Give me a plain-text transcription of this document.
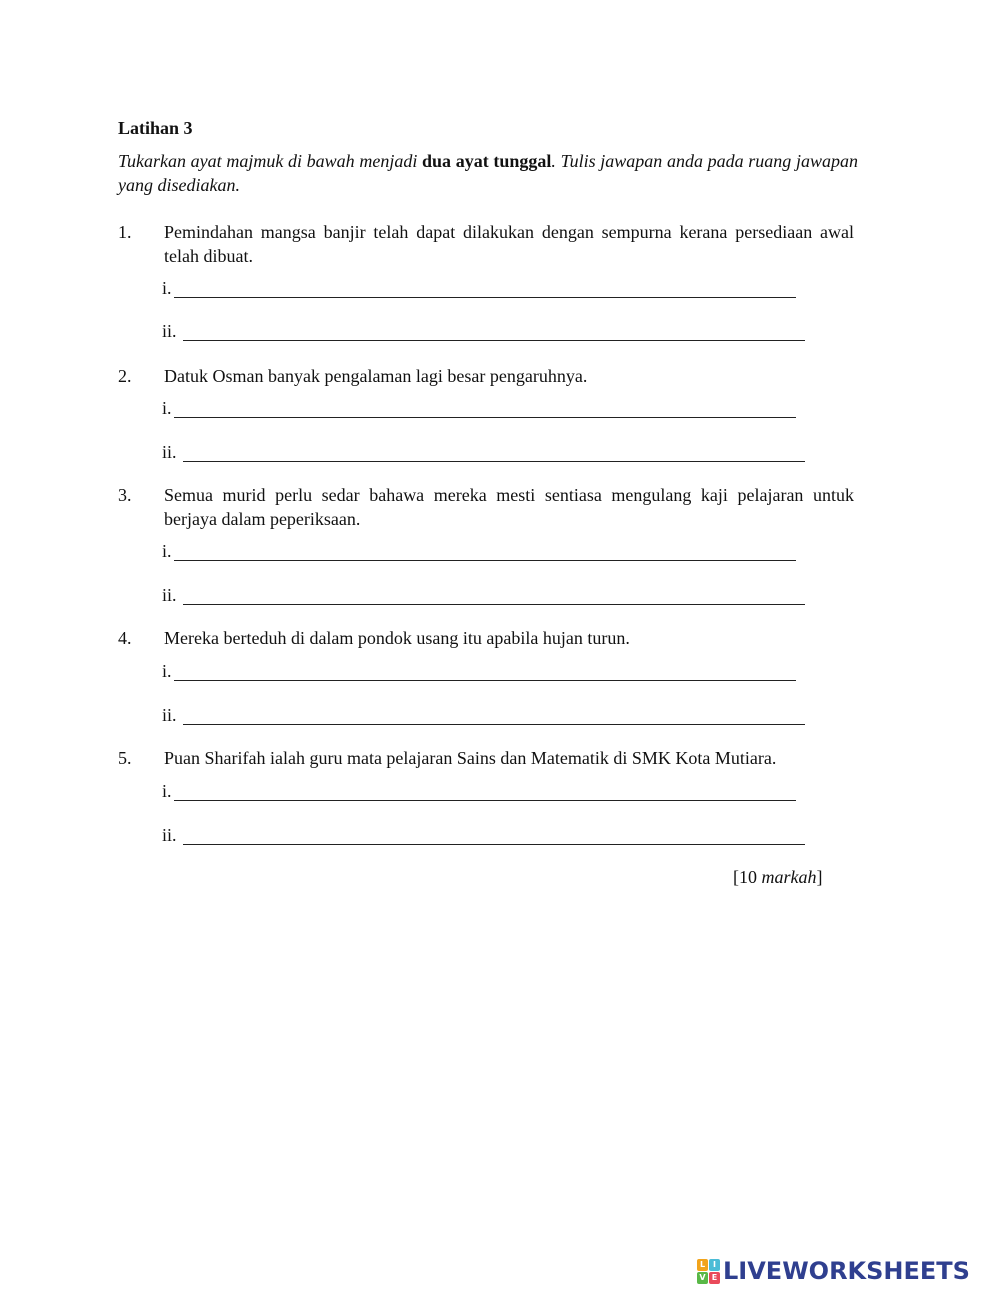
Latihan 3
Tukarkan ayat majmuk di bawah menjadi dua ayat tunggal. Tulis jawapan anda pada ruang jawapan yang disediakan.
1. Pemindahan mangsa banjir telah dapat dilakukan dengan sempurna kerana persediaan awal telah dibuat.
i.
ii.
2. Datuk Osman banyak pengalaman lagi besar pengaruhnya.
i.
ii.
3. Semua murid perlu sedar bahawa mereka mesti sentiasa mengulang kaji pelajaran untuk berjaya dalam peperiksaan.
i.
ii.
4. Mereka berteduh di dalam pondok usang itu apabila hujan turun.
i.
ii.
5. Puan Sharifah ialah guru mata pelajaran Sains dan Matematik di SMK Kota Mutiara.
i.
ii.
[10 markah]
L I
V E LIVEWORKSHEETS
